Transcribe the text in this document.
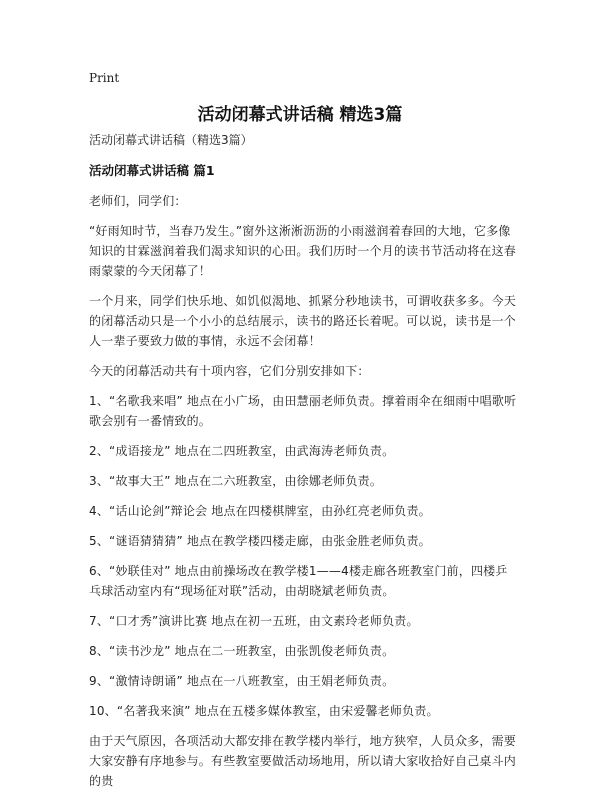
Print
活动闭幕式讲话稿 精选3篇

活动闭幕式讲话稿（精选3篇）

活动闭幕式讲话稿 篇1

老师们，同学们：

“好雨知时节，当春乃发生。”窗外这淅淅沥沥的小雨滋润着春回的大地，它多像知识的甘霖滋润着我们渴求知识的心田。我们历时一个月的读书节活动将在这春雨蒙蒙的今天闭幕了！

一个月来，同学们快乐地、如饥似渴地、抓紧分秒地读书，可谓收获多多。今天的闭幕活动只是一个小小的总结展示，读书的路还长着呢。可以说，读书是一个人一辈子要致力做的事情，永远不会闭幕！

今天的闭幕活动共有十项内容，它们分别安排如下：

1、“名歌我来唱” 地点在小广场，由田慧丽老师负责。撑着雨伞在细雨中唱歌听歌会别有一番情致的。

2、“成语接龙” 地点在二四班教室，由武海涛老师负责。

3、“故事大王” 地点在二六班教室，由徐娜老师负责。

4、“话山论剑”辩论会 地点在四楼棋牌室，由孙红亮老师负责。

5、“谜语猜猜猜” 地点在教学楼四楼走廊，由张金胜老师负责。

6、“妙联佳对” 地点由前操场改在教学楼1——4楼走廊各班教室门前，四楼乒乓球活动室内有“现场征对联”活动，由胡晓斌老师负责。

7、“口才秀”演讲比赛 地点在初一五班，由文素玲老师负责。

8、“读书沙龙” 地点在二一班教室，由张凯俊老师负责。

9、“激情诗朗诵” 地点在一八班教室，由王娟老师负责。

10、“名著我来演” 地点在五楼多媒体教室，由宋爱馨老师负责。

由于天气原因，各项活动大都安排在教学楼内举行，地方狭窄，人员众多，需要大家安静有序地参与。有些教室要做活动场地用，所以请大家收拾好自己桌斗内的贵
